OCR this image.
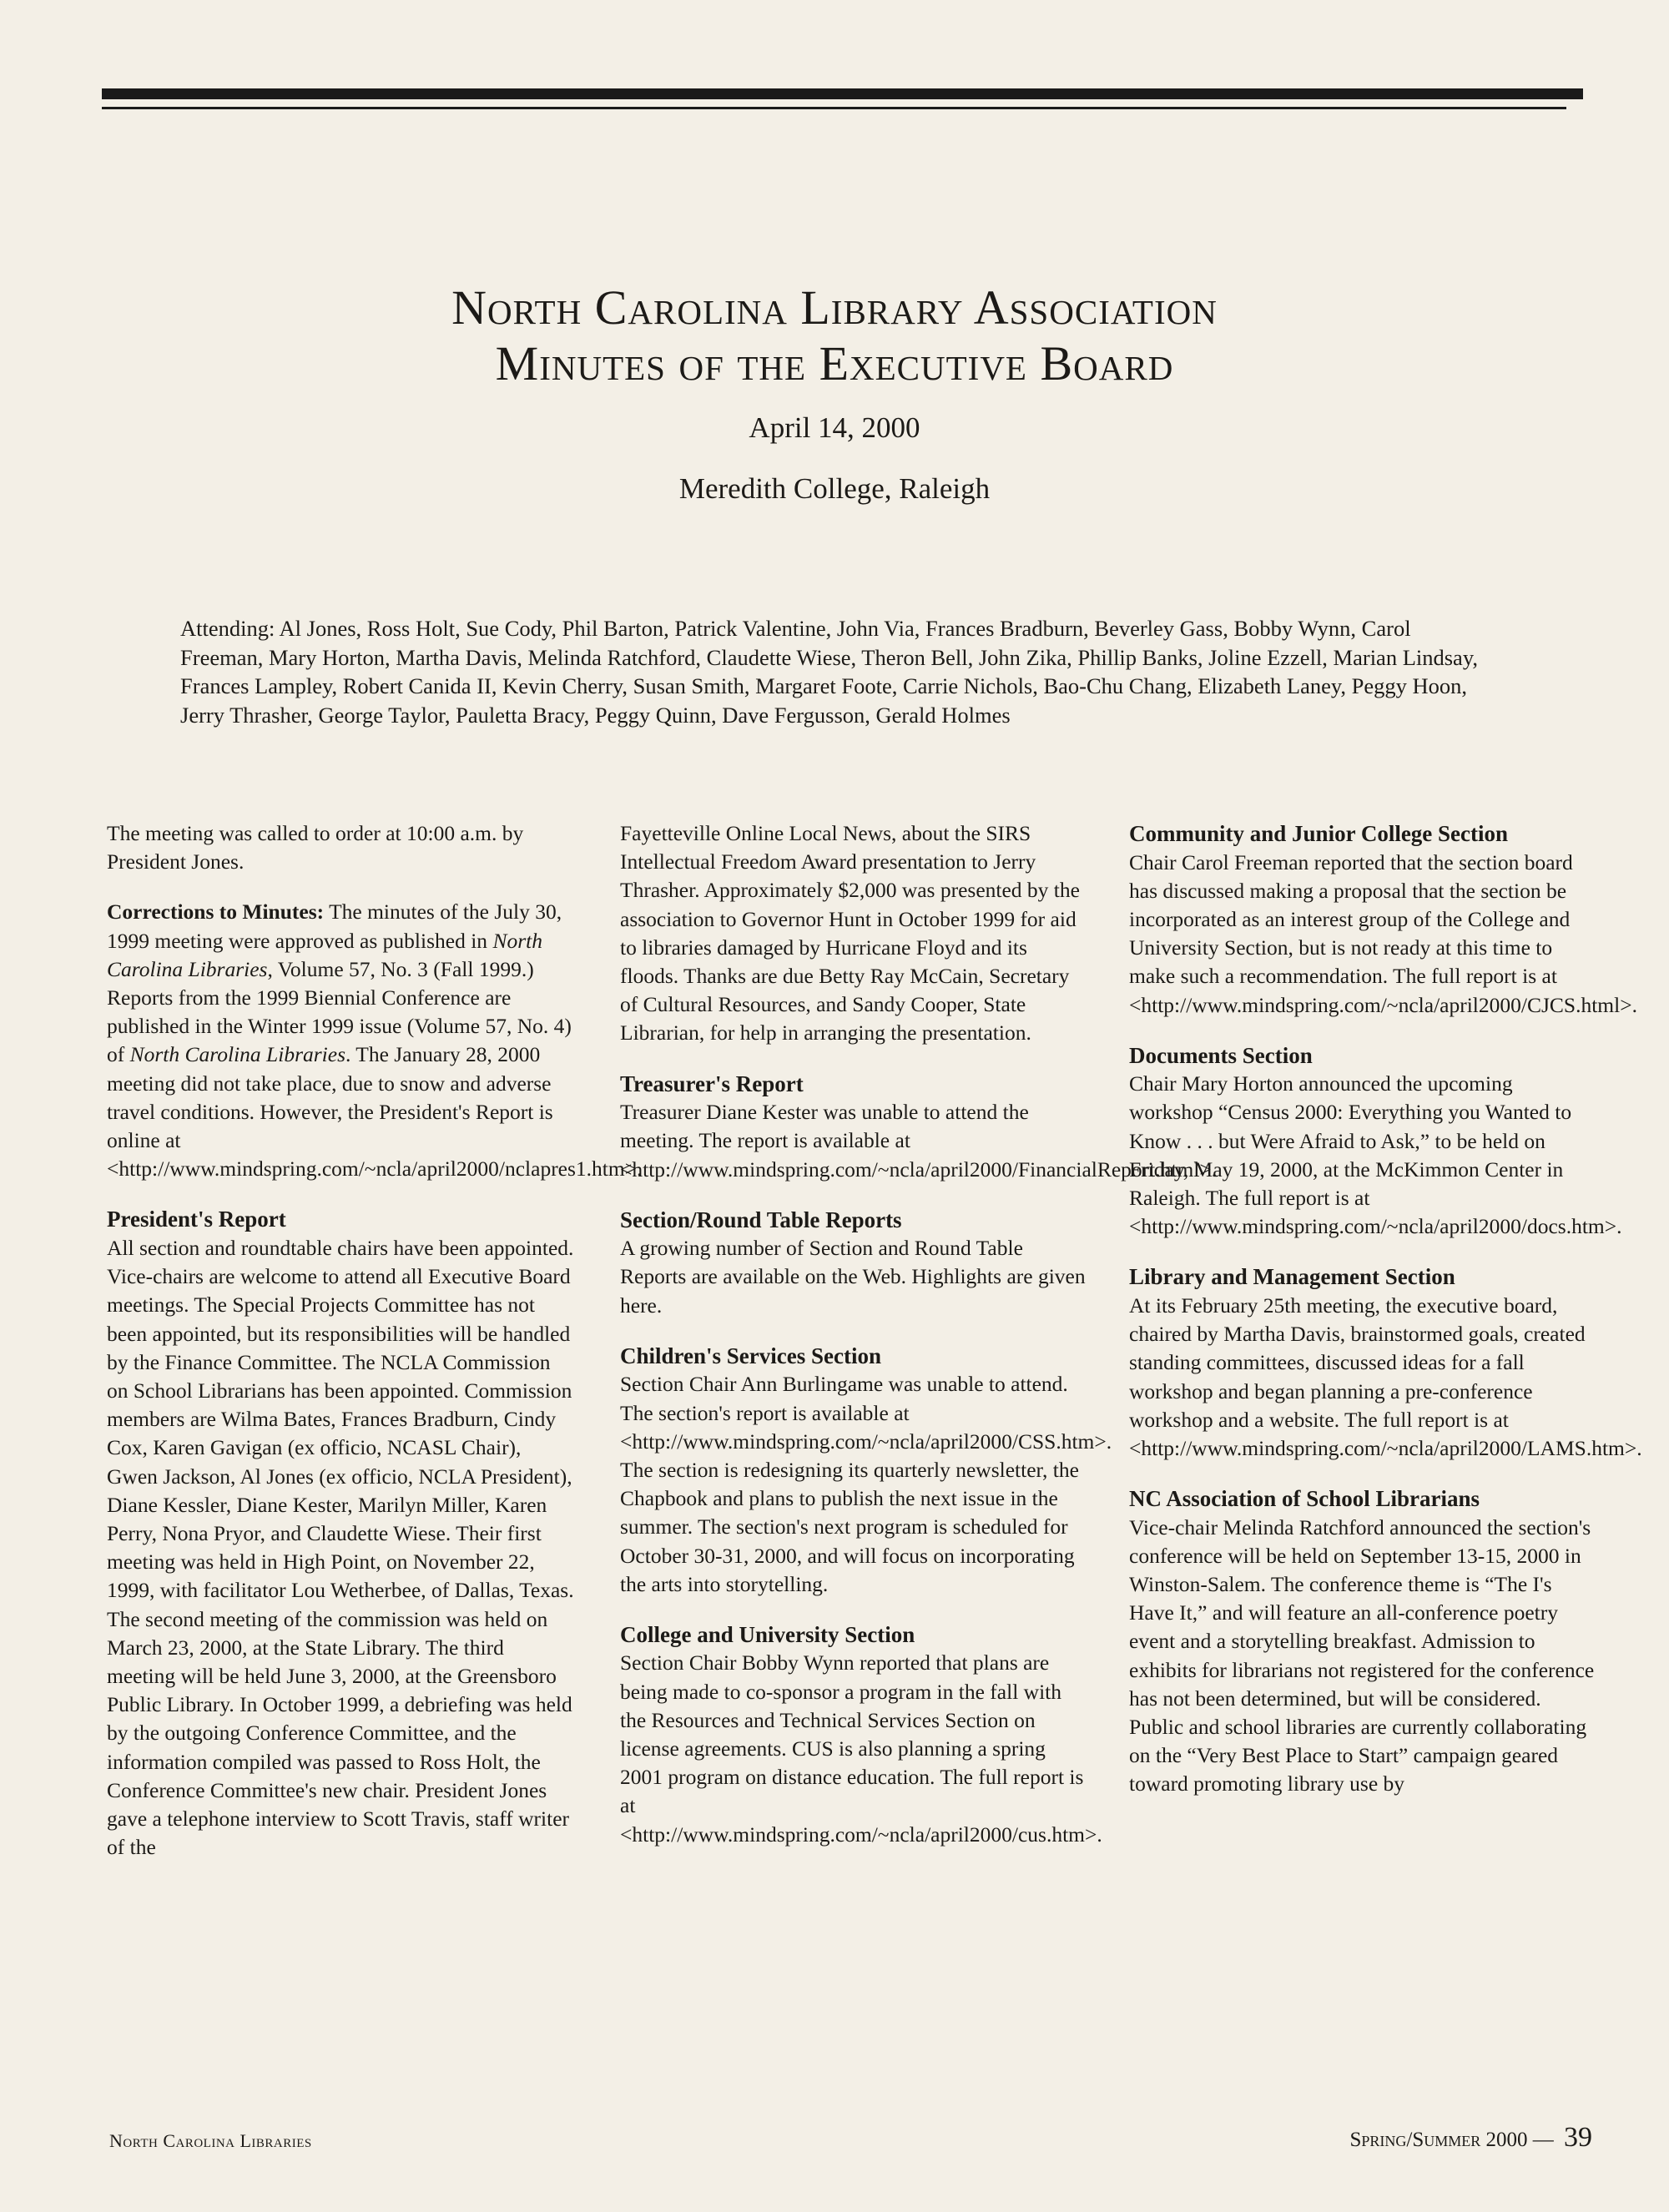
North Carolina Library Association
Minutes of the Executive Board
April 14, 2000
Meredith College, Raleigh
Attending: Al Jones, Ross Holt, Sue Cody, Phil Barton, Patrick Valentine, John Via, Frances Bradburn, Beverley Gass, Bobby Wynn, Carol Freeman, Mary Horton, Martha Davis, Melinda Ratchford, Claudette Wiese, Theron Bell, John Zika, Phillip Banks, Joline Ezzell, Marian Lindsay, Frances Lampley, Robert Canida II, Kevin Cherry, Susan Smith, Margaret Foote, Carrie Nichols, Bao-Chu Chang, Elizabeth Laney, Peggy Hoon, Jerry Thrasher, George Taylor, Pauletta Bracy, Peggy Quinn, Dave Fergusson, Gerald Holmes

The meeting was called to order at 10:00 a.m. by President Jones.

Corrections to Minutes: The minutes of the July 30, 1999 meeting were approved as published in North Carolina Libraries, Volume 57, No. 3 (Fall 1999.) Reports from the 1999 Biennial Conference are published in the Winter 1999 issue (Volume 57, No. 4) of North Carolina Libraries. The January 28, 2000 meeting did not take place, due to snow and adverse travel conditions. However, the President's Report is online at <http://www.mindspring.com/~ncla/april2000/nclapres1.htm>.

President's Report

All section and roundtable chairs have been appointed. Vice-chairs are welcome to attend all Executive Board meetings. The Special Projects Committee has not been appointed, but its responsibilities will be handled by the Finance Committee. The NCLA Commission on School Librarians has been appointed. Commission members are Wilma Bates, Frances Bradburn, Cindy Cox, Karen Gavigan (ex officio, NCASL Chair), Gwen Jackson, Al Jones (ex officio, NCLA President), Diane Kessler, Diane Kester, Marilyn Miller, Karen Perry, Nona Pryor, and Claudette Wiese. Their first meeting was held in High Point, on November 22, 1999, with facilitator Lou Wetherbee, of Dallas, Texas. The second meeting of the commission was held on March 23, 2000, at the State Library. The third meeting will be held June 3, 2000, at the Greensboro Public Library. In October 1999, a debriefing was held by the outgoing Conference Committee, and the information compiled was passed to Ross Holt, the Conference Committee's new chair. President Jones gave a telephone interview to Scott Travis, staff writer of the

Fayetteville Online Local News, about the SIRS Intellectual Freedom Award presentation to Jerry Thrasher. Approximately $2,000 was presented by the association to Governor Hunt in October 1999 for aid to libraries damaged by Hurricane Floyd and its floods. Thanks are due Betty Ray McCain, Secretary of Cultural Resources, and Sandy Cooper, State Librarian, for help in arranging the presentation.

Treasurer's Report

Treasurer Diane Kester was unable to attend the meeting. The report is available at <http://www.mindspring.com/~ncla/april2000/FinancialReport.html>.

Section/Round Table Reports

A growing number of Section and Round Table Reports are available on the Web. Highlights are given here.

Children's Services Section

Section Chair Ann Burlingame was unable to attend. The section's report is available at <http://www.mindspring.com/~ncla/april2000/CSS.htm>. The section is redesigning its quarterly newsletter, the Chapbook and plans to publish the next issue in the summer. The section's next program is scheduled for October 30-31, 2000, and will focus on incorporating the arts into storytelling.

College and University Section

Section Chair Bobby Wynn reported that plans are being made to co-sponsor a program in the fall with the Resources and Technical Services Section on license agreements. CUS is also planning a spring 2001 program on distance education. The full report is at <http://www.mindspring.com/~ncla/april2000/cus.htm>.

Community and Junior College Section

Chair Carol Freeman reported that the section board has discussed making a proposal that the section be incorporated as an interest group of the College and University Section, but is not ready at this time to make such a recommendation. The full report is at <http://www.mindspring.com/~ncla/april2000/CJCS.html>.

Documents Section

Chair Mary Horton announced the upcoming workshop “Census 2000: Everything you Wanted to Know . . . but Were Afraid to Ask,” to be held on Friday, May 19, 2000, at the McKimmon Center in Raleigh. The full report is at <http://www.mindspring.com/~ncla/april2000/docs.htm>.

Library and Management Section

At its February 25th meeting, the executive board, chaired by Martha Davis, brainstormed goals, created standing committees, discussed ideas for a fall workshop and began planning a pre-conference workshop and a website. The full report is at <http://www.mindspring.com/~ncla/april2000/LAMS.htm>.

NC Association of School Librarians

Vice-chair Melinda Ratchford announced the section's conference will be held on September 13-15, 2000 in Winston-Salem. The conference theme is “The I's Have It,” and will feature an all-conference poetry event and a storytelling breakfast. Admission to exhibits for librarians not registered for the conference has not been determined, but will be considered. Public and school libraries are currently collaborating on the “Very Best Place to Start” campaign geared toward promoting library use by

North Carolina Libraries	Spring/Summer 2000 — 39
